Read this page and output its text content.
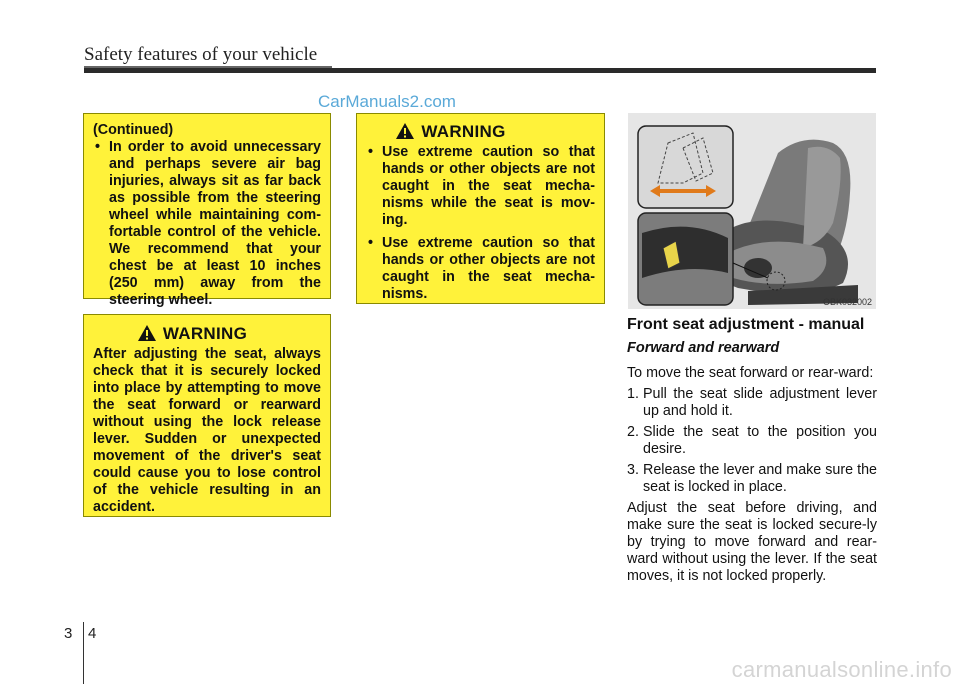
Safety features of your vehicle
CarManuals2.com

(Continued)

• In order to avoid unnecessary and perhaps severe air bag injuries, always sit as far back as possible from the steering wheel while maintaining com-fortable control of the vehicle. We recommend that your chest be at least 10 inches (250 mm) away from the steering wheel.
WARNING

After adjusting the seat, always check that it is securely locked into place by attempting to move the seat forward or rearward without using the lock release lever. Sudden or unexpected movement of the driver's seat could cause you to lose control of the vehicle resulting in an accident.

WARNING
• Use extreme caution so that hands or other objects are not caught in the seat mecha-nisms while the seat is mov-ing.
• Use extreme caution so that hands or other objects are not caught in the seat mecha-nisms.	OBK032002

Front seat adjustment - manual

Forward and rearward

To move the seat forward or rear-ward:

1. Pull the seat slide adjustment lever up and hold it.
2. Slide the seat to the position you desire.
3. Release the lever and make sure the seat is locked in place.

Adjust the seat before driving, and make sure the seat is locked secure-ly by trying to move forward and rear-ward without using the lever. If the seat moves, it is not locked properly.

3 4
carmanualsonline.info
